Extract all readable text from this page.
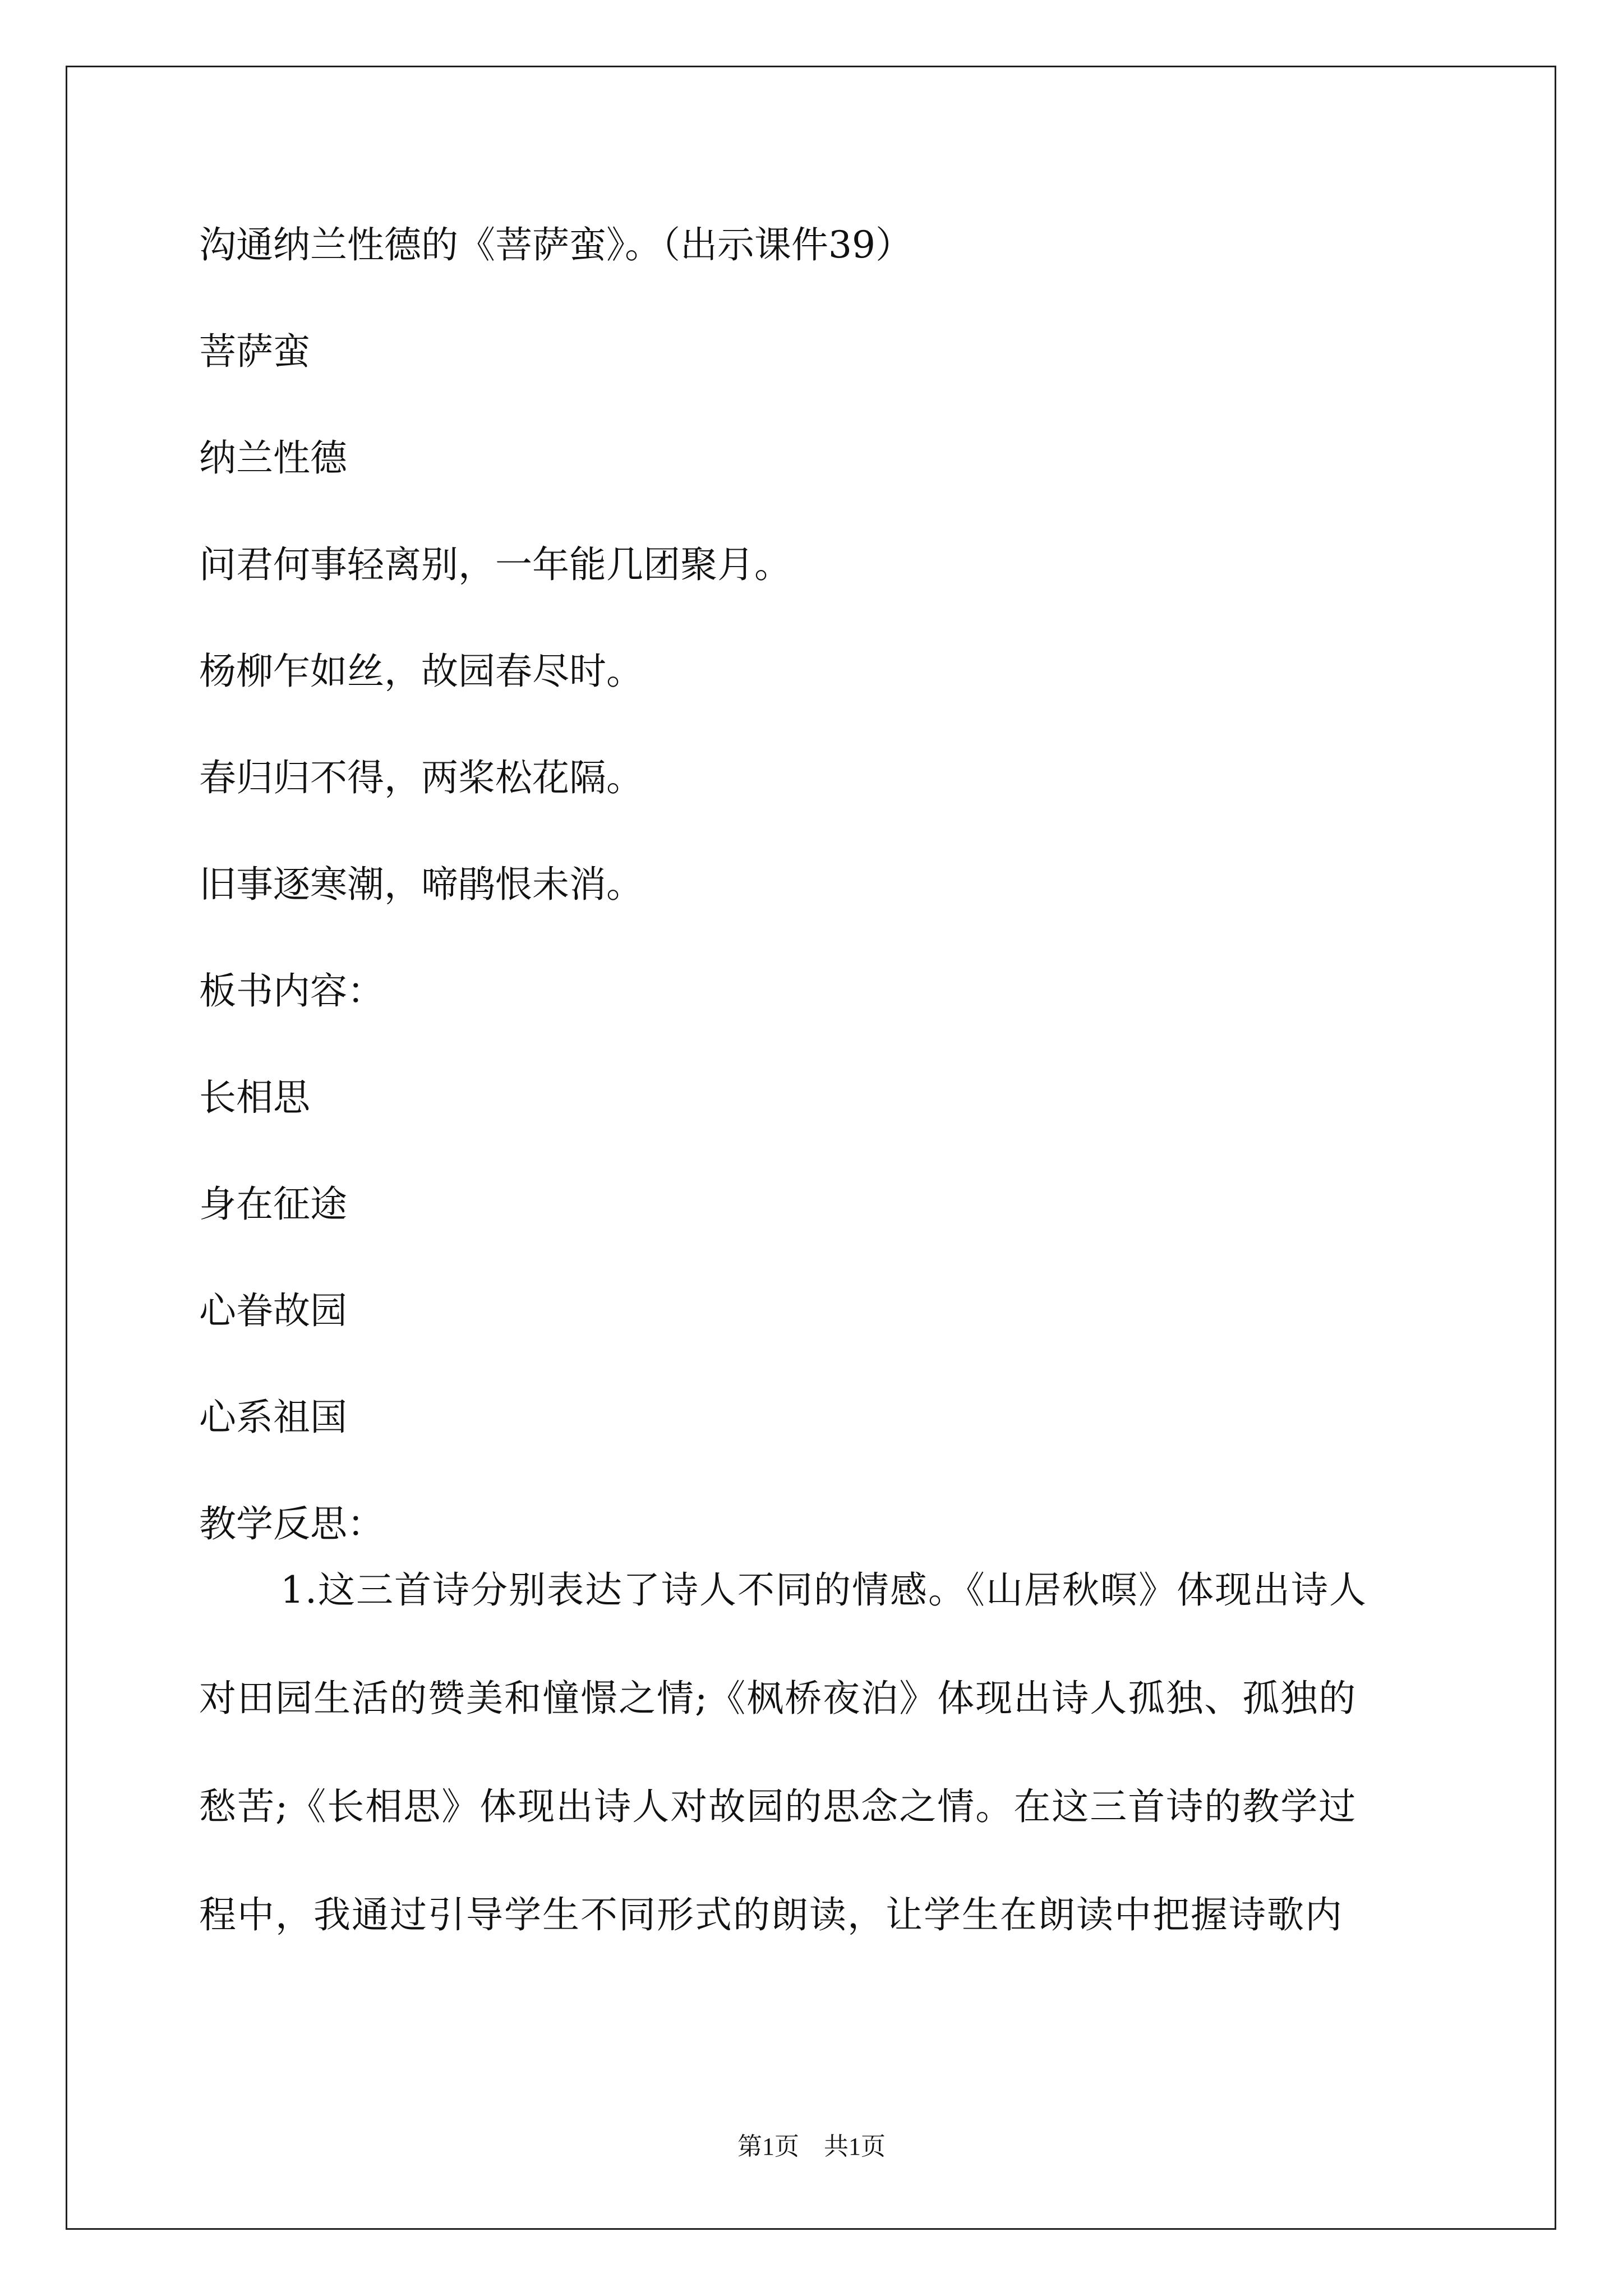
沟通纳兰性德的《菩萨蛮》。（出示课件39）
菩萨蛮
纳兰性德
问君何事轻离别，一年能几团聚月。
杨柳乍如丝，故园春尽时。
春归归不得，两桨松花隔。
旧事逐寒潮，啼鹃恨未消。
板书内容：
长相思
身在征途
心眷故园
心系祖国
教学反思：
1.这三首诗分别表达了诗人不同的情感。《山居秋暝》体现出诗人
对田园生活的赞美和憧憬之情;《枫桥夜泊》体现出诗人孤独、孤独的
愁苦;《长相思》体现出诗人对故园的思念之情。在这三首诗的教学过
程中，我通过引导学生不同形式的朗读，让学生在朗读中把握诗歌内
第1页　共1页
